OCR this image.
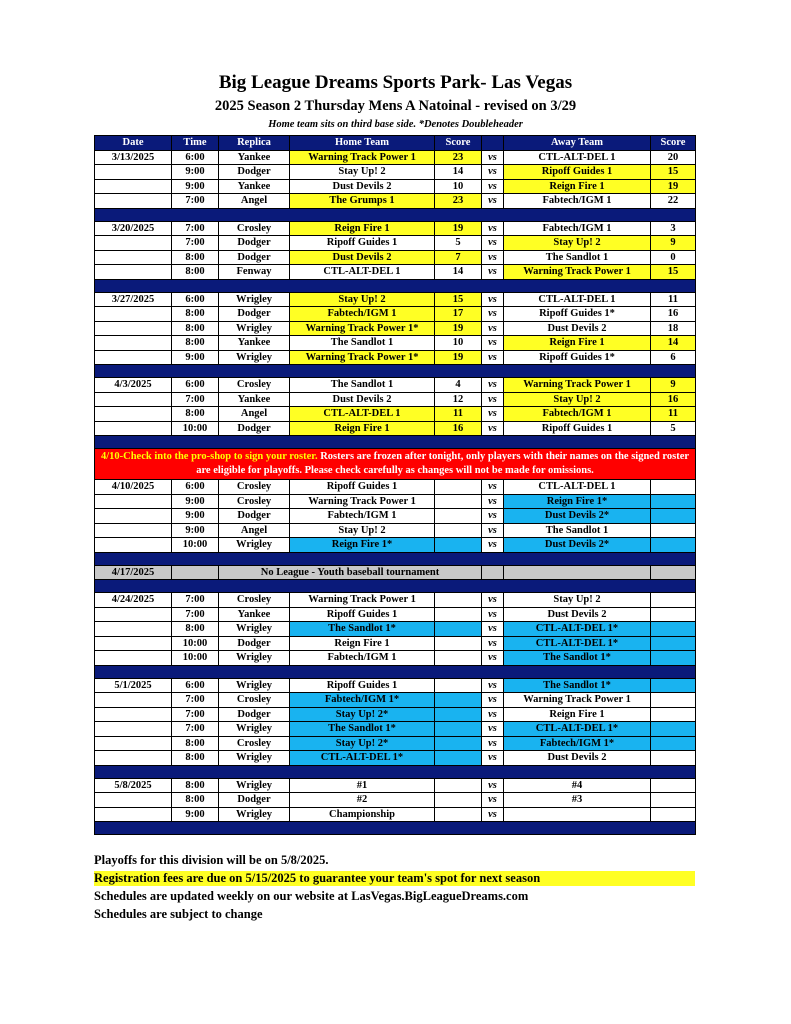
Big League Dreams Sports Park- Las Vegas
2025 Season 2 Thursday Mens A Natoinal - revised on 3/29
Home team sits on third base side. *Denotes Doubleheader
Date	Time	Replica	Home Team	Score		Away Team	Score
3/13/2025	6:00	Yankee	Warning Track Power 1	23	vs	CTL-ALT-DEL 1	20
	9:00	Dodger	Stay Up! 2	14	vs	Ripoff Guides 1	15
	9:00	Yankee	Dust Devils 2	10	vs	Reign Fire 1	19
	7:00	Angel	The Grumps 1	23	vs	Fabtech/IGM 1	22

3/20/2025	7:00	Crosley	Reign Fire 1	19	vs	Fabtech/IGM 1	3
	7:00	Dodger	Ripoff Guides 1	5	vs	Stay Up! 2	9
	8:00	Dodger	Dust Devils 2	7	vs	The Sandlot 1	0
	8:00	Fenway	CTL-ALT-DEL 1	14	vs	Warning Track Power 1	15

3/27/2025	6:00	Wrigley	Stay Up! 2	15	vs	CTL-ALT-DEL 1	11
	8:00	Dodger	Fabtech/IGM 1	17	vs	Ripoff Guides 1*	16
	8:00	Wrigley	Warning Track Power 1*	19	vs	Dust Devils 2	18
	8:00	Yankee	The Sandlot 1	10	vs	Reign Fire 1	14
	9:00	Wrigley	Warning Track Power 1*	19	vs	Ripoff Guides 1*	6

4/3/2025	6:00	Crosley	The Sandlot 1	4	vs	Warning Track Power 1	9
	7:00	Yankee	Dust Devils 2	12	vs	Stay Up! 2	16
	8:00	Angel	CTL-ALT-DEL 1	11	vs	Fabtech/IGM 1	11
	10:00	Dodger	Reign Fire 1	16	vs	Ripoff Guides 1	5

4/10-Check into the pro-shop to sign your roster. Rosters are frozen after tonight, only players with their names on the signed roster are eligible for playoffs. Please check carefully as changes will not be made for omissions.							
4/10/2025	6:00	Crosley	Ripoff Guides 1		vs	CTL-ALT-DEL 1	
	9:00	Crosley	Warning Track Power 1		vs	Reign Fire 1*	
	9:00	Dodger	Fabtech/IGM 1		vs	Dust Devils 2*	
	9:00	Angel	Stay Up! 2		vs	The Sandlot 1	
	10:00	Wrigley	Reign Fire 1*		vs	Dust Devils 2*	

4/17/2025		No League - Youth baseball tournament					

4/24/2025	7:00	Crosley	Warning Track Power 1		vs	Stay Up! 2	
	7:00	Yankee	Ripoff Guides 1		vs	Dust Devils 2	
	8:00	Wrigley	The Sandlot 1*		vs	CTL-ALT-DEL 1*	
	10:00	Dodger	Reign Fire 1		vs	CTL-ALT-DEL 1*	
	10:00	Wrigley	Fabtech/IGM 1		vs	The Sandlot 1*	

5/1/2025	6:00	Wrigley	Ripoff Guides 1		vs	The Sandlot 1*	
	7:00	Crosley	Fabtech/IGM 1*		vs	Warning Track Power 1	
	7:00	Dodger	Stay Up! 2*		vs	Reign Fire 1	
	7:00	Wrigley	The Sandlot 1*		vs	CTL-ALT-DEL 1*	
	8:00	Crosley	Stay Up! 2*		vs	Fabtech/IGM 1*	
	8:00	Wrigley	CTL-ALT-DEL 1*		vs	Dust Devils 2	

5/8/2025	8:00	Wrigley	#1		vs	#4	
	8:00	Dodger	#2		vs	#3	
	9:00	Wrigley	Championship		vs		

Playoffs for this division will be on 5/8/2025.
Registration fees are due on 5/15/2025 to guarantee your team's spot for next season
Schedules are updated weekly on our website at LasVegas.BigLeagueDreams.com
Schedules are subject to change
